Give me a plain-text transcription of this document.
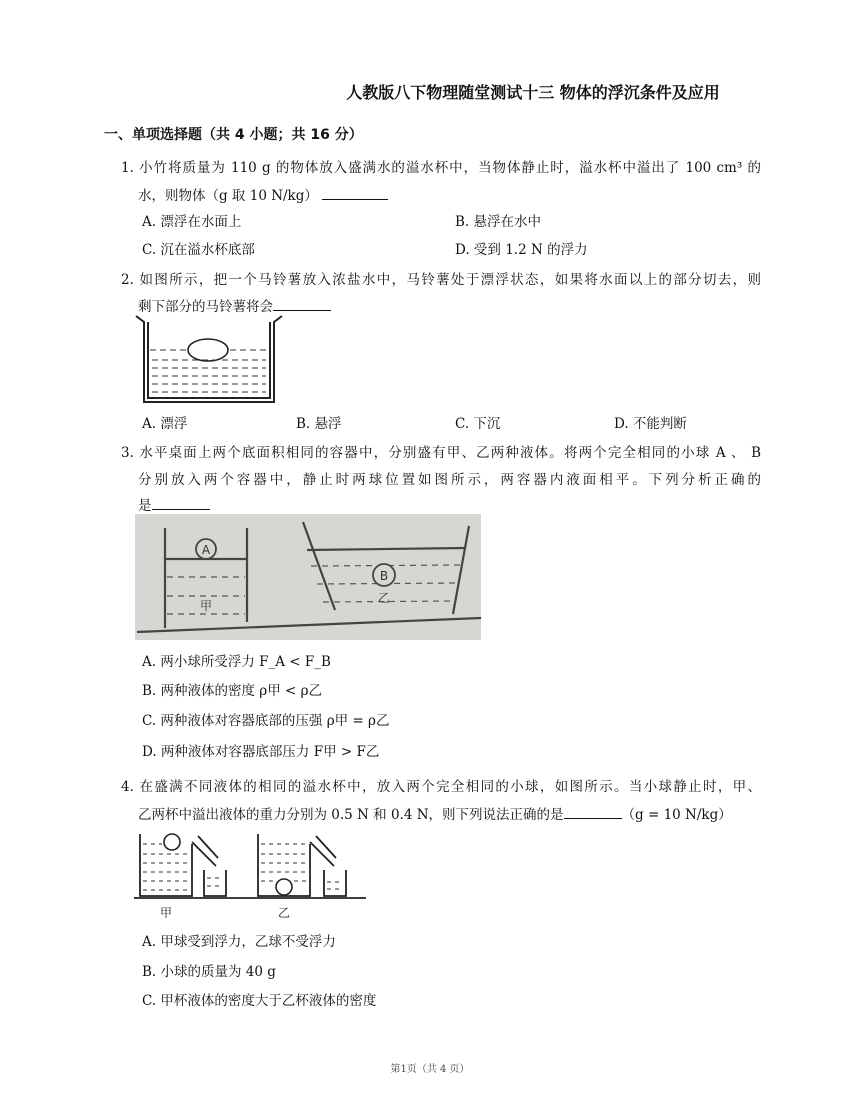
人教版八下物理随堂测试十三 物体的浮沉条件及应用
一、单项选择题（共 4 小题；共 16 分）
1. 小竹将质量为 110 g 的物体放入盛满水的溢水杯中，当物体静止时，溢水杯中溢出了 100 cm³ 的
水，则物体（g 取 10 N/kg）
A. 漂浮在水面上	B. 悬浮在水中
C. 沉在溢水杯底部	D. 受到 1.2 N 的浮力
2. 如图所示，把一个马铃薯放入浓盐水中，马铃薯处于漂浮状态，如果将水面以上的部分切去，则
剩下部分的马铃薯将会
A. 漂浮	B. 悬浮	C. 下沉	D. 不能判断
3. 水平桌面上两个底面积相同的容器中，分别盛有甲、乙两种液体。将两个完全相同的小球 A 、 B
分别放入两个容器中，静止时两球位置如图所示，两容器内液面相平。下列分析正确的
是
A
B
甲
乙
A. 两小球所受浮力 F_A < F_B
B. 两种液体的密度 ρ甲 < ρ乙
C. 两种液体对容器底部的压强 ρ甲 = ρ乙
D. 两种液体对容器底部压力 F甲 > F乙
4. 在盛满不同液体的相同的溢水杯中，放入两个完全相同的小球，如图所示。当小球静止时，甲、
乙两杯中溢出液体的重力分别为 0.5 N 和 0.4 N，则下列说法正确的是	（g = 10 N/kg）
甲	乙
A. 甲球受到浮力，乙球不受浮力
B. 小球的质量为 40 g
C. 甲杯液体的密度大于乙杯液体的密度
第1页（共 4 页）
